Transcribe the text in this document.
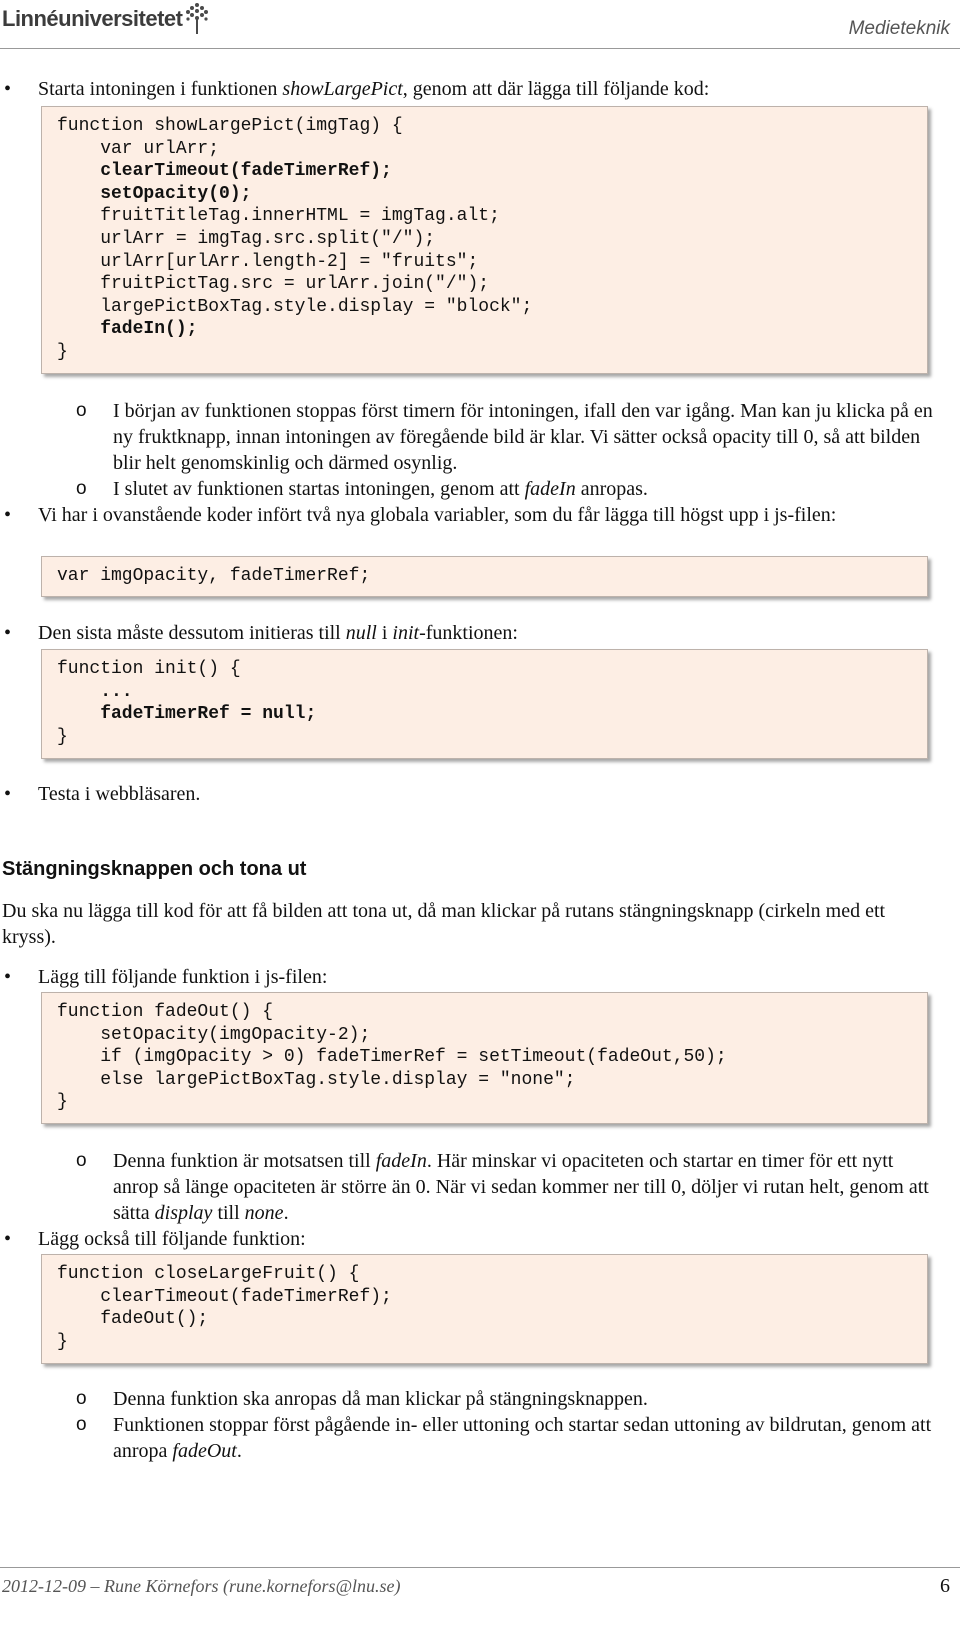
Linnéuniversitetet	Medieteknik
• Starta intoningen i funktionen showLargePict, genom att där lägga till följande kod:
function showLargePict(imgTag) {
var urlArr;
clearTimeout(fadeTimerRef);
setOpacity(0);
fruitTitleTag.innerHTML = imgTag.alt;
urlArr = imgTag.src.split("/");
urlArr[urlArr.length-2] = "fruits";
fruitPictTag.src = urlArr.join("/");
largePictBoxTag.style.display = "block";
fadeIn();
}
o I början av funktionen stoppas först timern för intoningen, ifall den var igång. Man kan ju klicka på en ny fruktknapp, innan intoningen av föregående bild är klar. Vi sätter också opacity till 0, så att bilden blir helt genomskinlig och därmed osynlig.
o I slutet av funktionen startas intoningen, genom att fadeIn anropas.
• Vi har i ovanstående koder infört två nya globala variabler, som du får lägga till högst upp i js-filen:
var imgOpacity, fadeTimerRef;
• Den sista måste dessutom initieras till null i init-funktionen:
function init() {
...
fadeTimerRef = null;
}
• Testa i webbläsaren.
Stängningsknappen och tona ut
Du ska nu lägga till kod för att få bilden att tona ut, då man klickar på rutans stängningsknapp (cirkeln med ett kryss).
• Lägg till följande funktion i js-filen:
function fadeOut() {
setOpacity(imgOpacity-2);
if (imgOpacity > 0) fadeTimerRef = setTimeout(fadeOut,50);
else largePictBoxTag.style.display = "none";
}
o Denna funktion är motsatsen till fadeIn. Här minskar vi opaciteten och startar en timer för ett nytt anrop så länge opaciteten är större än 0. När vi sedan kommer ner till 0, döljer vi rutan helt, genom att sätta display till none.
• Lägg också till följande funktion:
function closeLargeFruit() {
clearTimeout(fadeTimerRef);
fadeOut();
}
o Denna funktion ska anropas då man klickar på stängningsknappen.
o Funktionen stoppar först pågående in- eller uttoning och startar sedan uttoning av bildrutan, genom att anropa fadeOut.
2012-12-09 – Rune Körnefors (rune.kornefors@lnu.se)	6
